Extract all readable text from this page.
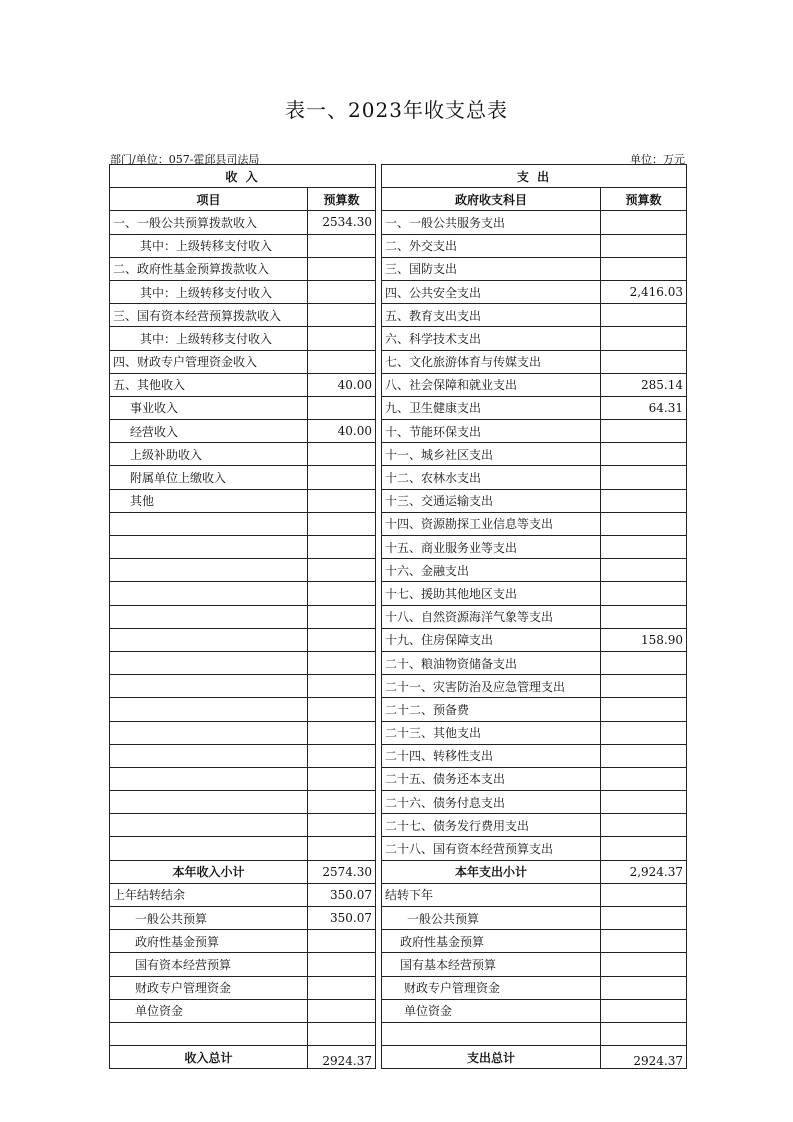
表一、2023年收支总表
部门/单位：057-霍邱县司法局	单位：万元
收 入			支 出	
项目	预算数		政府收支科目	预算数
一、一般公共预算拨款收入	2534.30		一、一般公共服务支出	
其中：上级转移支付收入			二、外交支出	
二、政府性基金预算拨款收入			三、国防支出	
其中：上级转移支付收入			四、公共安全支出	2,416.03
三、国有资本经营预算拨款收入			五、教育支出支出	
其中：上级转移支付收入			六、科学技术支出	
四、财政专户管理资金收入			七、文化旅游体育与传媒支出	
五、其他收入	40.00		八、社会保障和就业支出	285.14
事业收入			九、卫生健康支出	64.31
经营收入	40.00		十、节能环保支出	
上级补助收入			十一、城乡社区支出	
附属单位上缴收入			十二、农林水支出	
其他			十三、交通运输支出	
			十四、资源勘探工业信息等支出	
			十五、商业服务业等支出	
			十六、金融支出	
			十七、援助其他地区支出	
			十八、自然资源海洋气象等支出	
			十九、住房保障支出	158.90
			二十、粮油物资储备支出	
			二十一、灾害防治及应急管理支出	
			二十二、预备费	
			二十三、其他支出	
			二十四、转移性支出	
			二十五、债务还本支出	
			二十六、债务付息支出	
			二十七、债务发行费用支出	
			二十八、国有资本经营预算支出	
本年收入小计	2574.30		本年支出小计	2,924.37
上年结转结余	350.07		结转下年	
一般公共预算	350.07		一般公共预算	
政府性基金预算			政府性基金预算	
国有资本经营预算			国有基本经营预算	
财政专户管理资金			财政专户管理资金	
单位资金			单位资金	

收入总计	2924.37		支出总计	2924.37
